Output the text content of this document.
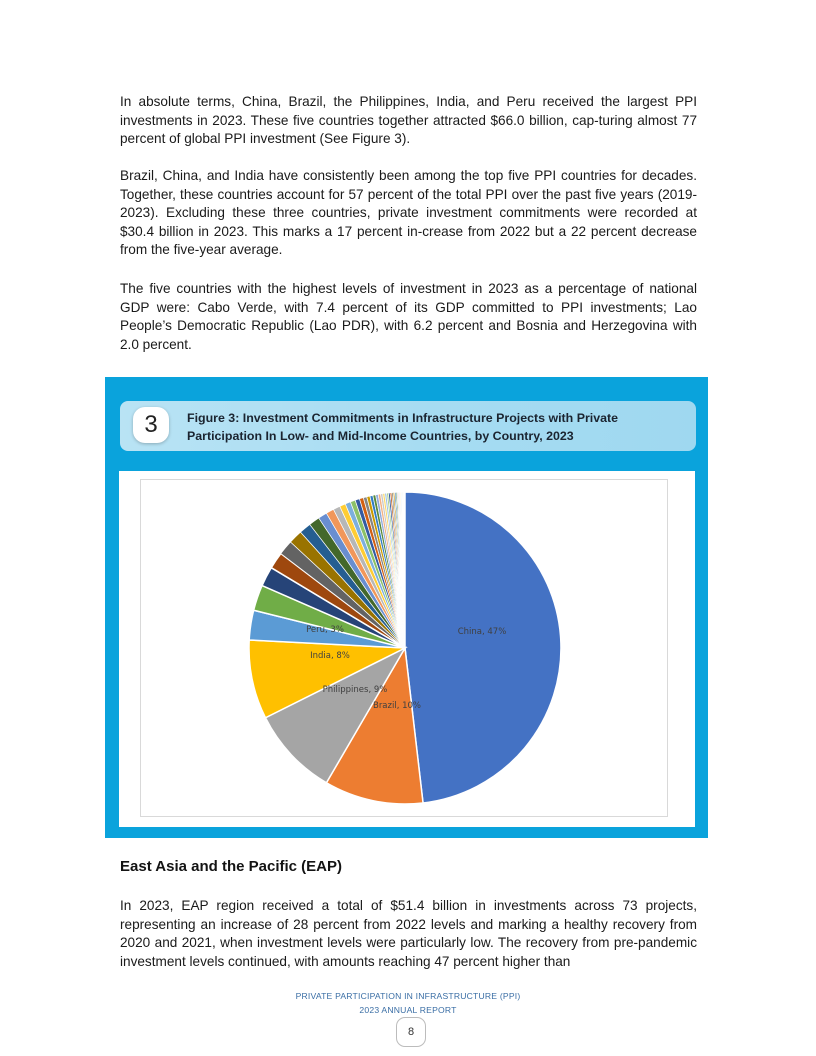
In absolute terms, China, Brazil, the Philippines, India, and Peru received the largest PPI investments in 2023. These five countries together attracted $66.0 billion, cap-turing almost 77 percent of global PPI investment (See Figure 3).

Brazil, China, and India have consistently been among the top five PPI countries for decades. Together, these countries account for 57 percent of the total PPI over the past five years (2019-2023). Excluding these three countries, private investment commitments were recorded at $30.4 billion in 2023. This marks a 17 percent in-crease from 2022 but a 22 percent decrease from the five-year average.

The five countries with the highest levels of investment in 2023 as a percentage of national GDP were: Cabo Verde, with 7.4 percent of its GDP committed to PPI investments; Lao People’s Democratic Republic (Lao PDR), with 6.2 percent and Bosnia and Herzegovina with 2.0 percent.

3	Figure 3: Investment Commitments in Infrastructure Projects with Private Participation In Low- and Mid-Income Countries, by Country, 2023
China, 47%
Brazil, 10%
Philippines, 9%
India, 8%
Peru, 3%
East Asia and the Pacific (EAP)

In 2023, EAP region received a total of $51.4 billion in investments across 73 projects, representing an increase of 28 percent from 2022 levels and marking a healthy recovery from 2020 and 2021, when investment levels were particularly low. The recovery from pre-pandemic investment levels continued, with amounts reaching 47 percent higher than

PRIVATE PARTICIPATION IN INFRASTRUCTURE (PPI)
2023 ANNUAL REPORT
8
